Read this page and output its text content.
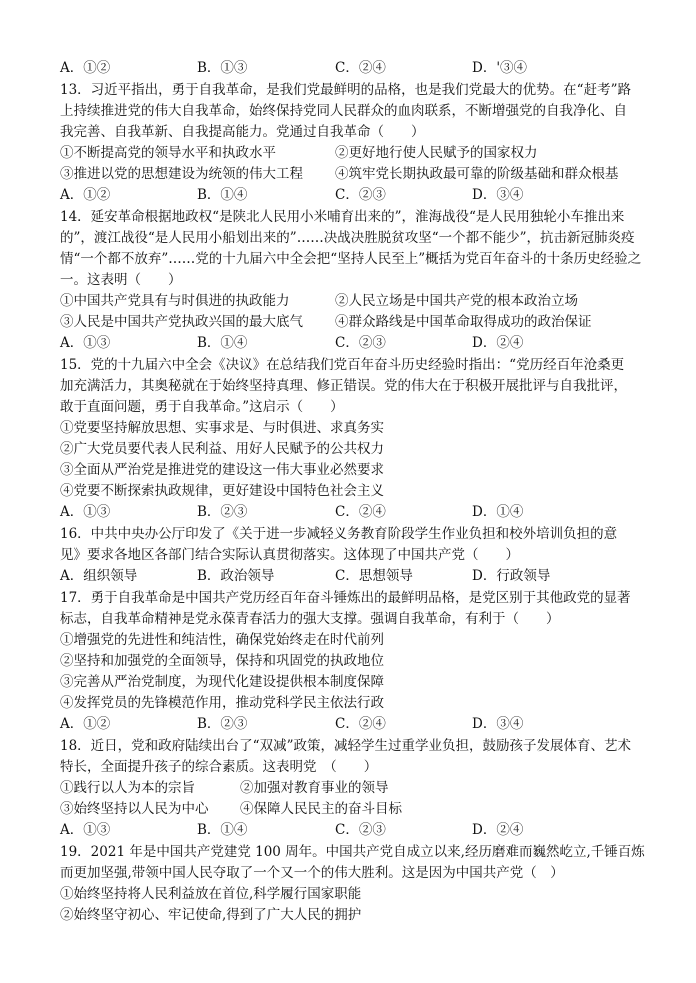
A．①②	B．①③	C．②④	D．'③④
13．习近平指出，勇于自我革命，是我们党最鲜明的品格，也是我们党最大的优势。在“赶考”路
上持续推进党的伟大自我革命，始终保持党同人民群众的血肉联系，不断增强党的自我净化、自
我完善、自我革新、自我提高能力。党通过自我革命（　　）
①不断提高党的领导水平和执政水平	②更好地行使人民赋予的国家权力
③推进以党的思想建设为统领的伟大工程 ④筑牢党长期执政最可靠的阶级基础和群众根基
A．①②	B．①④	C．②③	D．③④
14．延安革命根据地政权“是陕北人民用小米哺育出来的”，淮海战役“是人民用独轮小车推出来
的”，渡江战役“是人民用小船划出来的”……决战决胜脱贫攻坚“一个都不能少”，抗击新冠肺炎疫
情“一个都不放弃”……党的十九届六中全会把“坚持人民至上”概括为党百年奋斗的十条历史经验之
一。这表明（　　）
①中国共产党具有与时俱进的执政能力	②人民立场是中国共产党的根本政治立场
③人民是中国共产党执政兴国的最大底气 ④群众路线是中国革命取得成功的政治保证
A．①③	B．①④	C．②③	D．②④
15．党的十九届六中全会《决议》在总结我们党百年奋斗历史经验时指出：“党历经百年沧桑更
加充满活力，其奥秘就在于始终坚持真理、修正错误。党的伟大在于积极开展批评与自我批评，
敢于直面问题，勇于自我革命。”这启示（　　）
①党要坚持解放思想、实事求是、与时俱进、求真务实
②广大党员要代表人民利益、用好人民赋予的公共权力
③全面从严治党是推进党的建设这一伟大事业必然要求
④党要不断探索执政规律，更好建设中国特色社会主义
A．①③	B．②③	C．②④	D．①④
16．中共中央办公厅印发了《关于进一步减轻义务教育阶段学生作业负担和校外培训负担的意
见》要求各地区各部门结合实际认真贯彻落实。这体现了中国共产党（　　）
A．组织领导	B．政治领导	C．思想领导	D．行政领导
17．勇于自我革命是中国共产党历经百年奋斗锤炼出的最鲜明品格，是党区别于其他政党的显著
标志，自我革命精神是党永葆青春活力的强大支撑。强调自我革命，有利于（　　）
①增强党的先进性和纯洁性，确保党始终走在时代前列
②坚持和加强党的全面领导，保持和巩固党的执政地位
③完善从严治党制度，为现代化建设提供根本制度保障
④发挥党员的先锋模范作用，推动党科学民主依法行政
A．①②	B．②③	C．②④	D．③④
18．近日，党和政府陆续出台了“双减”政策，减轻学生过重学业负担，鼓励孩子发展体育、艺术
特长，全面提升孩子的综合素质。这表明党　（　　）
①践行以人为本的宗旨	②加强对教育事业的领导
③始终坚持以人民为中心 ④保障人民民主的奋斗目标
A．①③	B．①④	C．②③	D．②④
19．2021 年是中国共产党建党 100 周年。中国共产党自成立以来,经历磨难而巍然屹立,千锤百炼
而更加坚强,带领中国人民夺取了一个又一个的伟大胜利。这是因为中国共产党（　）
①始终坚持将人民利益放在首位,科学履行国家职能
②始终坚守初心、牢记使命,得到了广大人民的拥护
